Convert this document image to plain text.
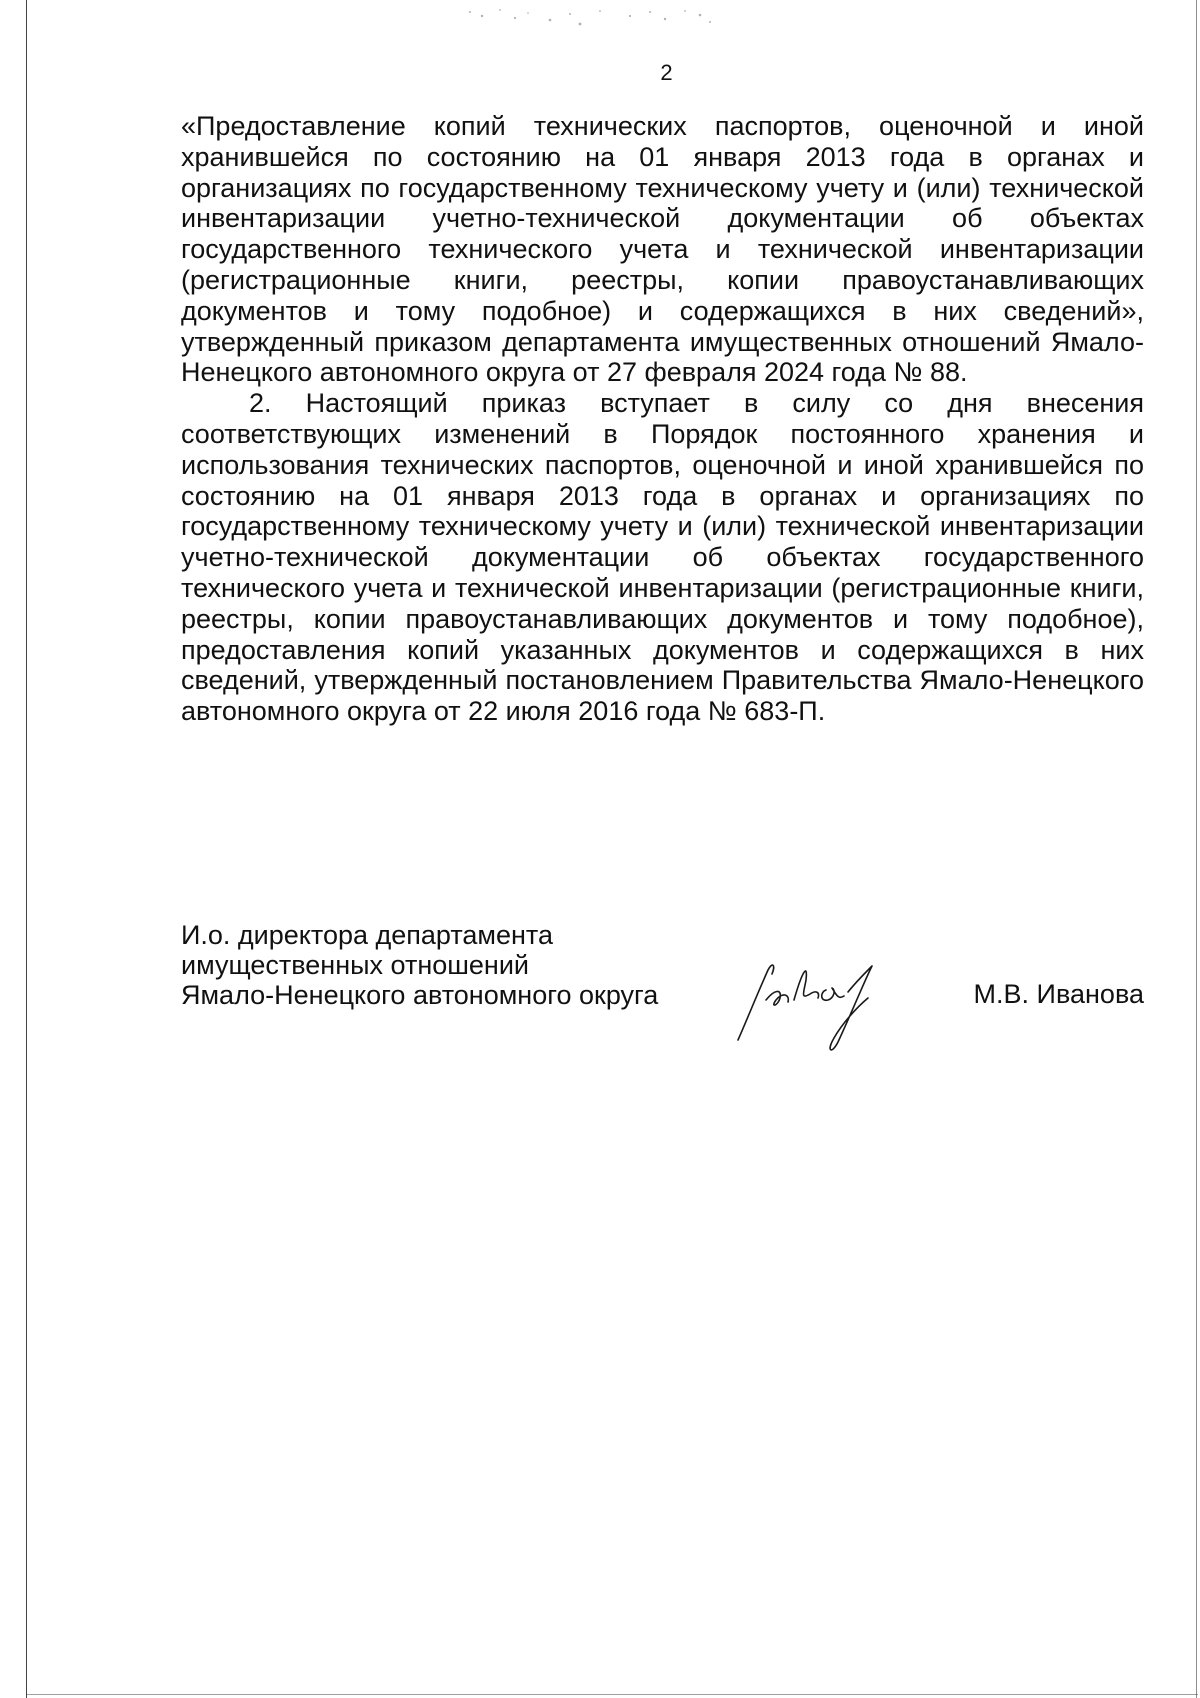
2

«Предоставление копий технических паспортов, оценочной и иной хранившейся по состоянию на 01 января 2013 года в органах и организациях по государственному техническому учету и (или) технической инвентаризации учетно-технической документации об объектах государственного технического учета и технической инвентаризации (регистрационные книги, реестры, копии правоустанавливающих документов и тому подобное) и содержащихся в них сведений», утвержденный приказом департамента имущественных отношений Ямало-Ненецкого автономного округа от 27 февраля 2024 года № 88.

2. Настоящий приказ вступает в силу со дня внесения соответствующих изменений в Порядок постоянного хранения и использования технических паспортов, оценочной и иной хранившейся по состоянию на 01 января 2013 года в органах и организациях по государственному техническому учету и (или) технической инвентаризации учетно-технической документации об объектах государственного технического учета и технической инвентаризации (регистрационные книги, реестры, копии правоустанавливающих документов и тому подобное), предоставления копий указанных документов и содержащихся в них сведений, утвержденный постановлением Правительства Ямало-Ненецкого автономного округа от 22 июля 2016 года № 683-П.

И.о. директора департамента
имущественных отношений
Ямало-Ненецкого автономного округа	М.В. Иванова
